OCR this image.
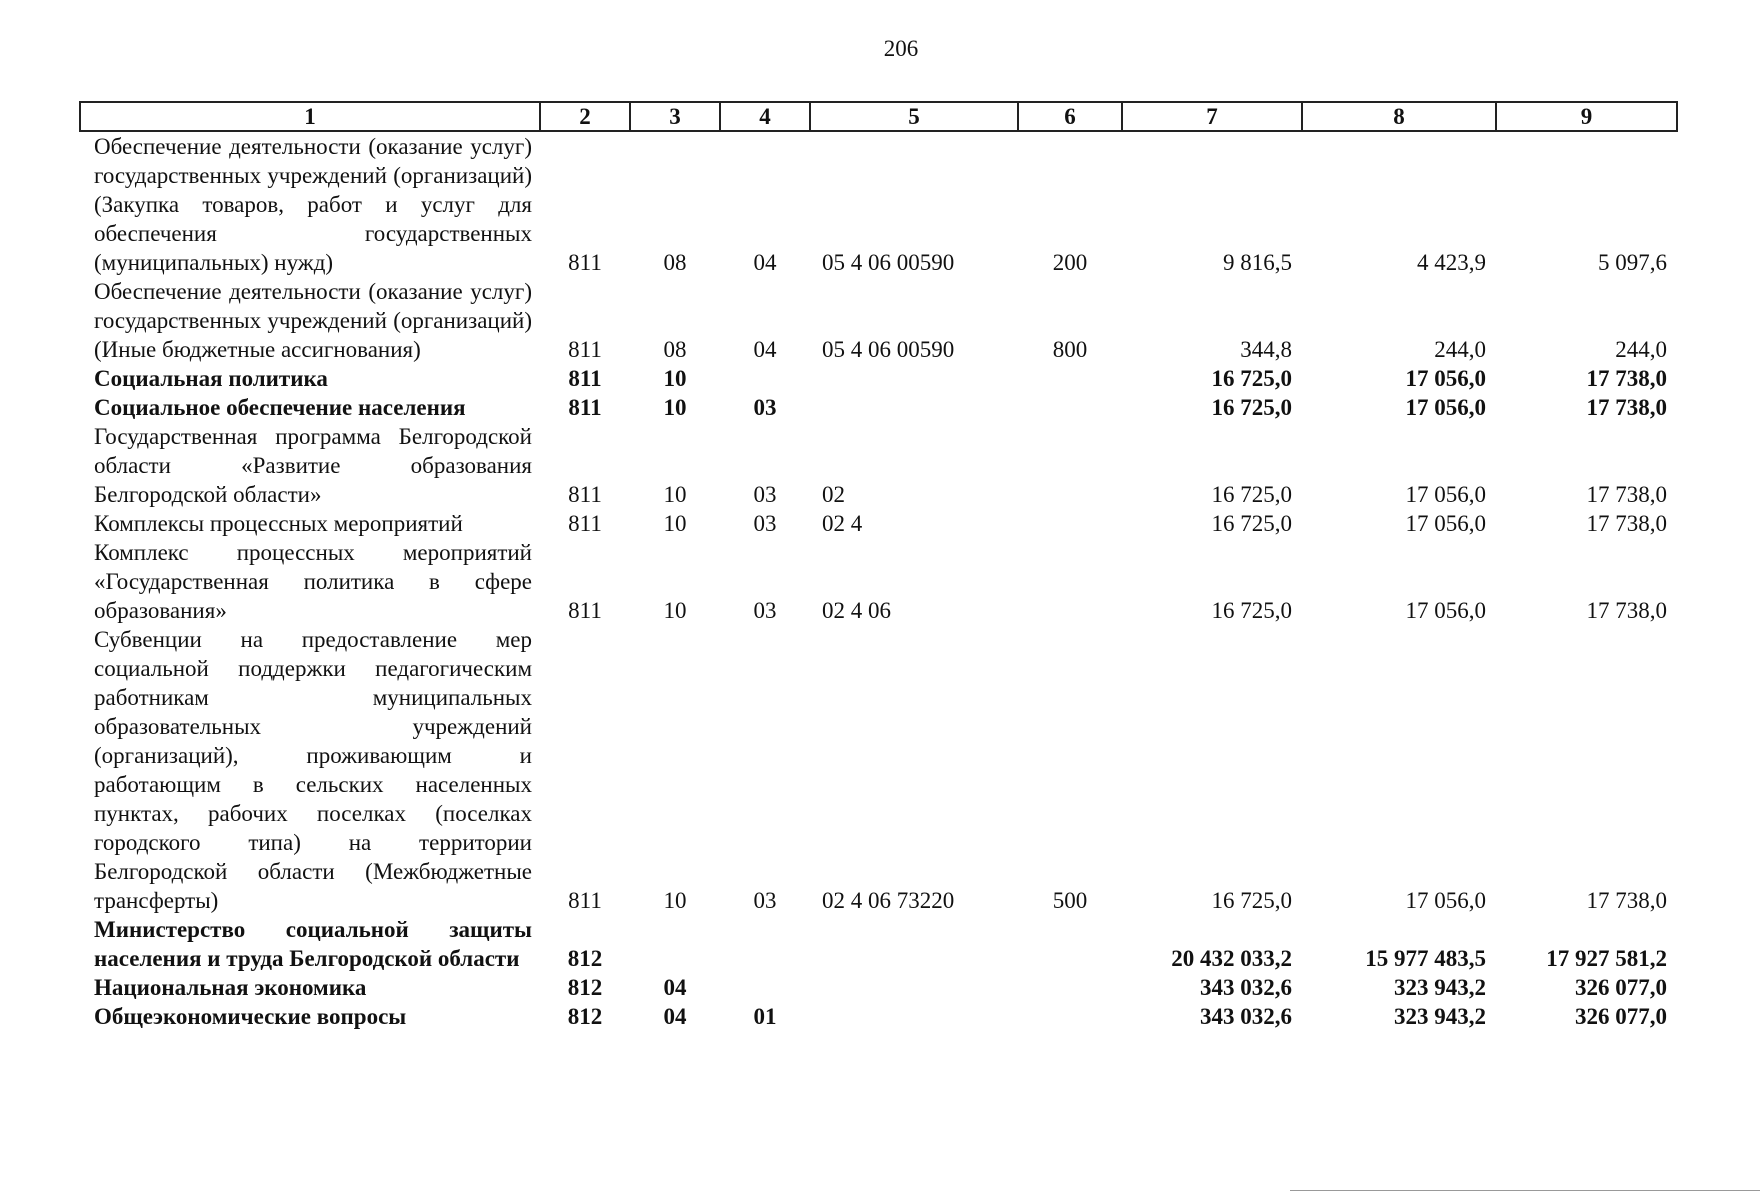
206
1	2	3	4	5	6	7	8	9
Обеспечение деятельности (оказание услуг) государственных учреждений (организаций) (Закупка товаров, работ и услуг для обеспечения государственных (муниципальных) нужд)	811	08	04	05 4 06 00590	200	9 816,5	4 423,9	5 097,6
Обеспечение деятельности (оказание услуг) государственных учреждений (организаций) (Иные бюджетные ассигнования)	811	08	04	05 4 06 00590	800	344,8	244,0	244,0
Социальная политика	811	10				16 725,0	17 056,0	17 738,0
Социальное обеспечение населения	811	10	03			16 725,0	17 056,0	17 738,0
Государственная программа Белгородской области «Развитие образования Белгородской области»	811	10	03	02		16 725,0	17 056,0	17 738,0
Комплексы процессных мероприятий	811	10	03	02 4		16 725,0	17 056,0	17 738,0
Комплекс процессных мероприятий «Государственная политика в сфере образования»	811	10	03	02 4 06		16 725,0	17 056,0	17 738,0
Субвенции на предоставление мер социальной поддержки педагогическим работникам муниципальных образовательных учреждений (организаций), проживающим и работающим в сельских населенных пунктах, рабочих поселках (поселках городского типа) на территории Белгородской области (Межбюджетные трансферты)	811	10	03	02 4 06 73220	500	16 725,0	17 056,0	17 738,0
Министерство социальной защиты населения и труда Белгородской области	812					20 432 033,2	15 977 483,5	17 927 581,2
Национальная экономика	812	04				343 032,6	323 943,2	326 077,0
Общеэкономические вопросы	812	04	01			343 032,6	323 943,2	326 077,0
